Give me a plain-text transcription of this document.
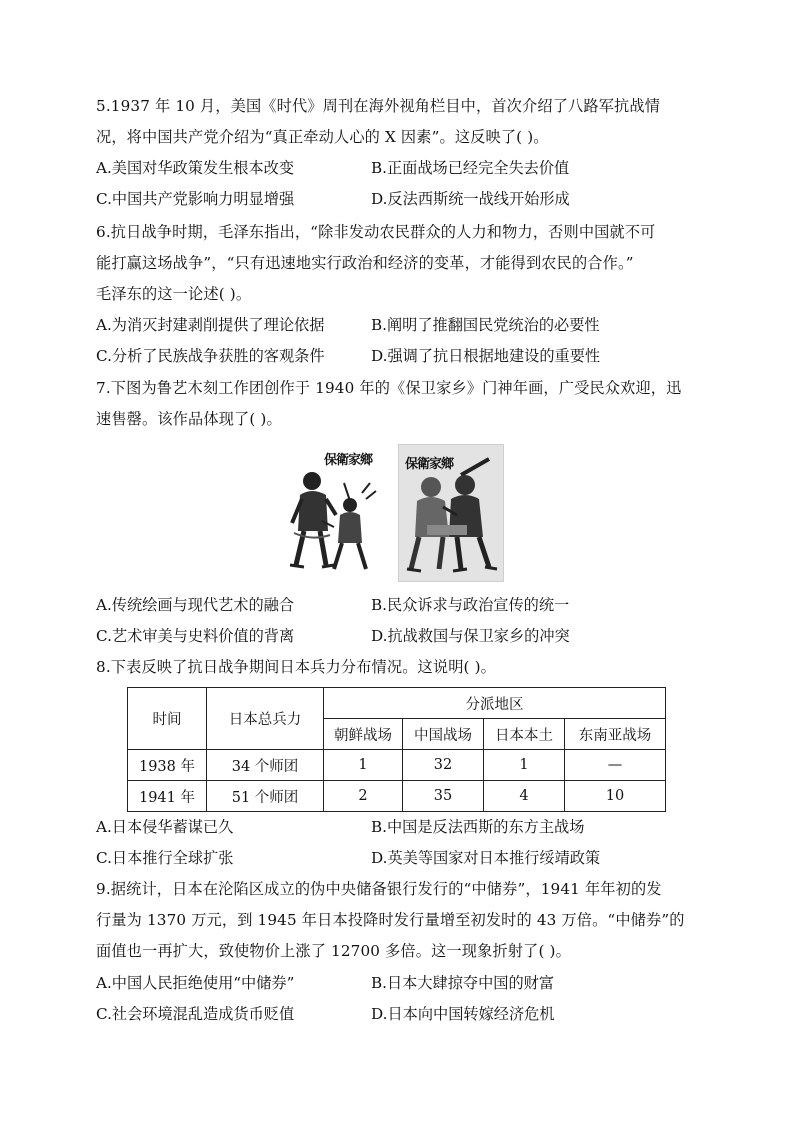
5.1937 年 10 月，美国《时代》周刊在海外视角栏目中，首次介绍了八路军抗战情
况，将中国共产党介绍为“真正牵动人心的 X 因素”。这反映了( )。
A.美国对华政策发生根本改变	B.正面战场已经完全失去价值
C.中国共产党影响力明显增强	D.反法西斯统一战线开始形成
6.抗日战争时期，毛泽东指出，“除非发动农民群众的人力和物力，否则中国就不可
能打赢这场战争”，“只有迅速地实行政治和经济的变革，才能得到农民的合作。”
毛泽东的这一论述( )。
A.为消灭封建剥削提供了理论依据	B.阐明了推翻国民党统治的必要性
C.分析了民族战争获胜的客观条件	D.强调了抗日根据地建设的重要性
7.下图为鲁艺木刻工作团创作于 1940 年的《保卫家乡》门神年画，广受民众欢迎，迅
速售罄。该作品体现了( )。
保衛家鄉	保衛家鄉
A.传统绘画与现代艺术的融合	B.民众诉求与政治宣传的统一
C.艺术审美与史料价值的背离	D.抗战救国与保卫家乡的冲突
8.下表反映了抗日战争期间日本兵力分布情况。这说明( )。
时间	日本总兵力	分派地区			
		朝鲜战场	中国战场	日本本土	东南亚战场
1938 年	34 个师团	1	32	1	—
1941 年	51 个师团	2	35	4	10
A.日本侵华蓄谋已久	B.中国是反法西斯的东方主战场
C.日本推行全球扩张	D.英美等国家对日本推行绥靖政策
9.据统计，日本在沦陷区成立的伪中央储备银行发行的“中储券”，1941 年年初的发
行量为 1370 万元，到 1945 年日本投降时发行量增至初发时的 43 万倍。“中储券”的
面值也一再扩大，致使物价上涨了 12700 多倍。这一现象折射了( )。
A.中国人民拒绝使用“中储券”	B.日本大肆掠夺中国的财富
C.社会环境混乱造成货币贬值	D.日本向中国转嫁经济危机
